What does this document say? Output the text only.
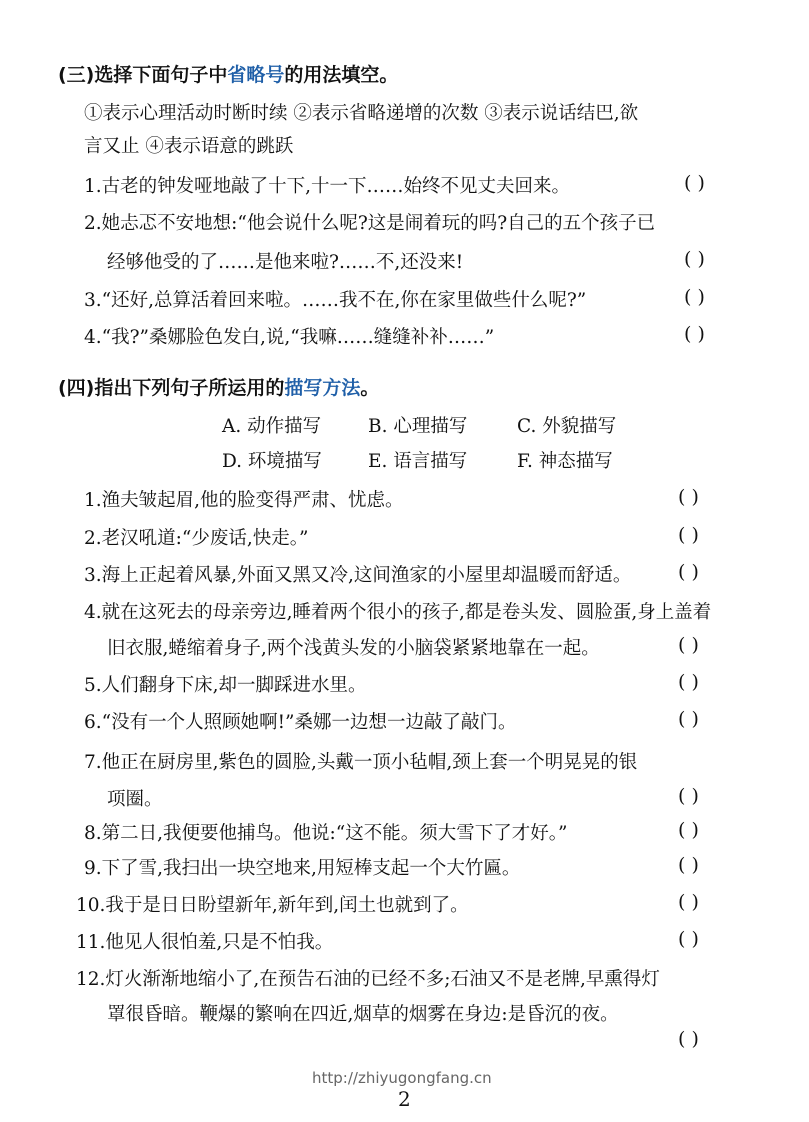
(三)选择下面句子中省略号的用法填空。
①表示心理活动时断时续 ②表示省略递增的次数 ③表示说话结巴,欲
言又止 ④表示语意的跳跃
1.古老的钟发哑地敲了十下,十一下……始终不见丈夫回来。	( )
2.她忐忑不安地想:“他会说什么呢?这是闹着玩的吗?自己的五个孩子已
经够他受的了……是他来啦?……不,还没来!	( )
3.“还好,总算活着回来啦。……我不在,你在家里做些什么呢?”	( )
4.“我?”桑娜脸色发白,说,“我嘛……缝缝补补……”	( )
(四)指出下列句子所运用的描写方法。
A. 动作描写	B. 心理描写	C. 外貌描写
D. 环境描写 E. 语言描写	F. 神态描写
1.渔夫皱起眉,他的脸变得严肃、忧虑。	( )
2.老汉吼道:“少废话,快走。”	( )
3.海上正起着风暴,外面又黑又冷,这间渔家的小屋里却温暖而舒适。 ( )
4.就在这死去的母亲旁边,睡着两个很小的孩子,都是卷头发、圆脸蛋,身上盖着
旧衣服,蜷缩着身子,两个浅黄头发的小脑袋紧紧地靠在一起。	( )
5.人们翻身下床,却一脚踩进水里。	( )
6.“没有一个人照顾她啊!”桑娜一边想一边敲了敲门。	( )
7.他正在厨房里,紫色的圆脸,头戴一顶小毡帽,颈上套一个明晃晃的银
项圈。	( )
8.第二日,我便要他捕鸟。他说:“这不能。须大雪下了才好。”	( )
9.下了雪,我扫出一块空地来,用短棒支起一个大竹匾。	( )
10.我于是日日盼望新年,新年到,闰土也就到了。	( )
11.他见人很怕羞,只是不怕我。	( )
12.灯火渐渐地缩小了,在预告石油的已经不多;石油又不是老牌,早熏得灯
罩很昏暗。鞭爆的繁响在四近,烟草的烟雾在身边:是昏沉的夜。
( )
http://zhiyugongfang.cn
2
